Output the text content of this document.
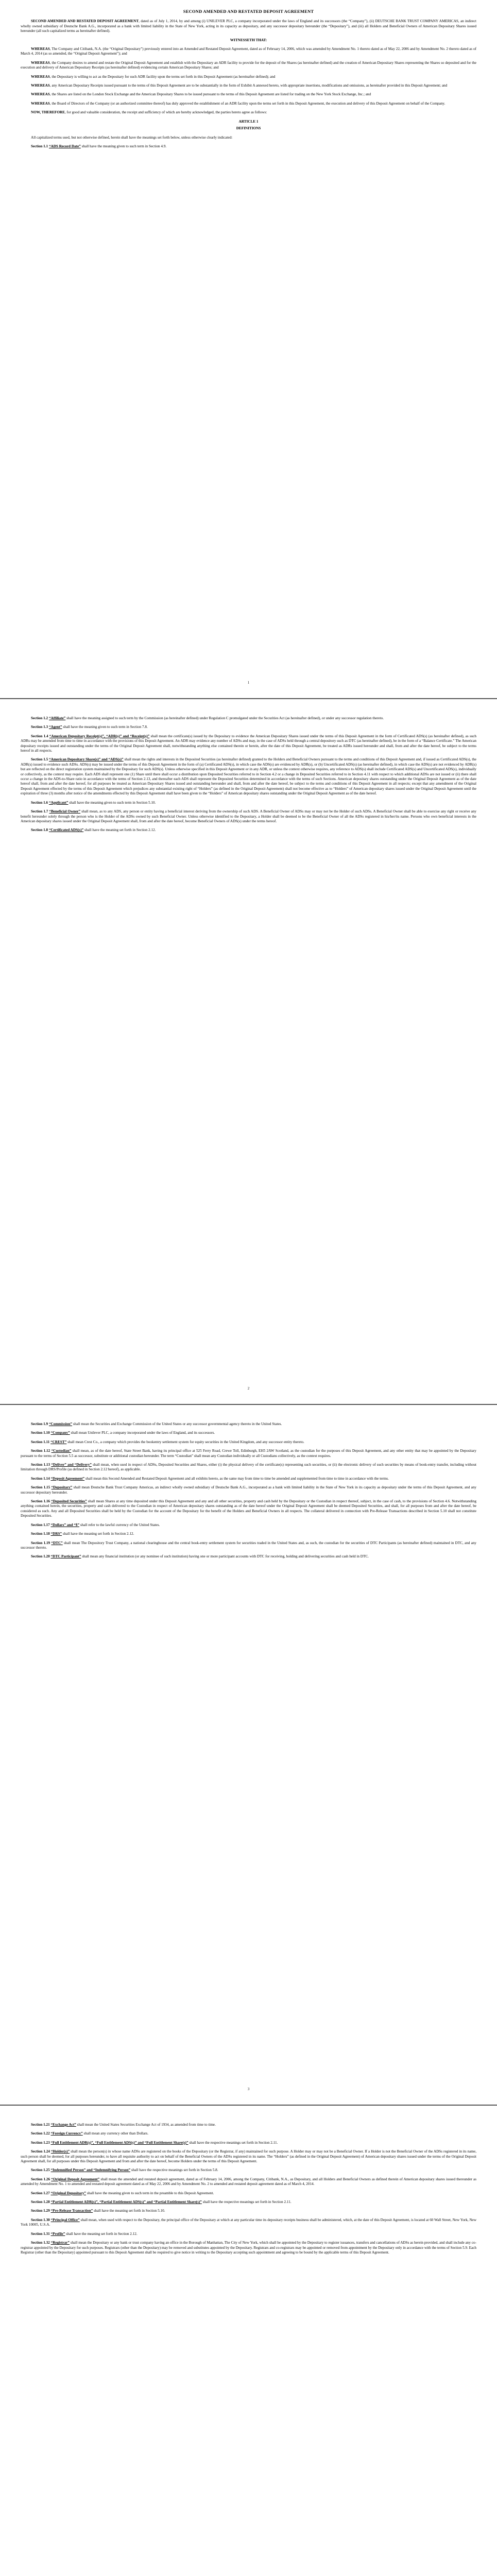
SECOND AMENDED AND RESTATED DEPOSIT AGREEMENT

SECOND AMENDED AND RESTATED DEPOSIT AGREEMENT, dated as of July 1, 2014, by and among (i) UNILEVER PLC, a company incorporated under the laws of England and its successors (the “Company”), (ii) DEUTSCHE BANK TRUST COMPANY AMERICAS, an indirect wholly owned subsidiary of Deutsche Bank A.G., incorporated as a bank with limited liability in the State of New York, acting in its capacity as depositary, and any successor depositary hereunder (the “Depositary”), and (iii) all Holders and Beneficial Owners of American Depositary Shares issued hereunder (all such capitalized terms as hereinafter defined).

WITNESSETH THAT:

WHEREAS, The Company and Citibank, N.A. (the “Original Depositary”) previously entered into an Amended and Restated Deposit Agreement, dated as of February 14, 2006, which was amended by Amendment No. 1 thereto dated as of May 22, 2006 and by Amendment No. 2 thereto dated as of March 4, 2014 (as so amended, the “Original Deposit Agreement”); and

WHEREAS, the Company desires to amend and restate the Original Deposit Agreement and establish with the Depositary an ADR facility to provide for the deposit of the Shares (as hereinafter defined) and the creation of American Depositary Shares representing the Shares so deposited and for the execution and delivery of American Depositary Receipts (as hereinafter defined) evidencing certain American Depositary Shares; and

WHEREAS, the Depositary is willing to act as the Depositary for such ADR facility upon the terms set forth in this Deposit Agreement (as hereinafter defined); and

WHEREAS, any American Depositary Receipts issued pursuant to the terms of this Deposit Agreement are to be substantially in the form of Exhibit A annexed hereto, with appropriate insertions, modifications and omissions, as hereinafter provided in this Deposit Agreement; and

WHEREAS, the Shares are listed on the London Stock Exchange and the American Depositary Shares to be issued pursuant to the terms of this Deposit Agreement are listed for trading on the New York Stock Exchange, Inc.; and

WHEREAS, the Board of Directors of the Company (or an authorized committee thereof) has duly approved the establishment of an ADR facility upon the terms set forth in this Deposit Agreement, the execution and delivery of this Deposit Agreement on behalf of the Company.

NOW, THEREFORE, for good and valuable consideration, the receipt and sufficiency of which are hereby acknowledged, the parties hereto agree as follows:

ARTICLE 1
DEFINITIONS

All capitalized terms used, but not otherwise defined, herein shall have the meanings set forth below, unless otherwise clearly indicated:

Section 1.1 “ADS Record Date” shall have the meaning given to such term in Section 4.9.

1

Section 1.2 “Affiliate” shall have the meaning assigned to such term by the Commission (as hereinafter defined) under Regulation C promulgated under the Securities Act (as hereinafter defined), or under any successor regulation thereto.

Section 1.3 “Agent” shall have the meaning given to such term in Section 7.8.

Section 1.4 “American Depositary Receipt(s)”, “ADR(s)” and “Receipt(s)” shall mean the certificate(s) issued by the Depositary to evidence the American Depositary Shares issued under the terms of this Deposit Agreement in the form of Certificated ADS(s) (as hereinafter defined), as such ADRs may be amended from time to time in accordance with the provisions of this Deposit Agreement. An ADR may evidence any number of ADSs and may, in the case of ADSs held through a central depository such as DTC (as hereinafter defined), be in the form of a “Balance Certificate.” The American depositary receipts issued and outstanding under the terms of the Original Deposit Agreement shall, notwithstanding anything else contained therein or herein, after the date of this Deposit Agreement, be treated as ADRs issued hereunder and shall, from and after the date hereof, be subject to the terms hereof in all respects.

Section 1.5 “American Depositary Share(s)” and “ADS(s)” shall mean the rights and interests in the Deposited Securities (as hereinafter defined) granted to the Holders and Beneficial Owners pursuant to the terms and conditions of this Deposit Agreement and, if issued as Certificated ADS(s), the ADR(s) issued to evidence such ADSs. ADS(s) may be issued under the terms of this Deposit Agreement in the form of (a) Certificated ADS(s), in which case the ADS(s) are evidenced by ADR(s), or (b) Uncertificated ADS(s) (as hereinafter defined), in which case the ADS(s) are not evidenced by ADR(s) but are reflected on the direct registration system maintained by the Depositary for such ADS(s). Unless otherwise specified in this Deposit Agreement or in any ADR, or unless the context otherwise requires, any reference to ADS(s) shall include Certificated ADS(s) and Uncertificated ADS(s), individually or collectively, as the context may require. Each ADS shall represent one (1) Share until there shall occur a distribution upon Deposited Securities referred to in Section 4.2 or a change in Deposited Securities referred to in Section 4.11 with respect to which additional ADSs are not issued or (ii) there shall occur a change in the ADS-to-Share ratio in accordance with the terms of Section 2.13, and thereafter each ADS shall represent the Deposited Securities determined in accordance with the terms of such Sections. American depositary shares outstanding under the Original Deposit Agreement as of the date hereof shall, from and after the date hereof, for all purposes be treated as American Depositary Shares issued and outstanding hereunder and shall, from and after the date hereof, be subject to the terms and conditions of this Deposit Agreement in all respects; except that any amendment of the Original Deposit Agreement effected by the terms of this Deposit Agreement which prejudices any substantial existing right of “Holders” (as defined in the Original Deposit Agreement) shall not become effective as to “Holders” of American depositary shares issued under the Original Deposit Agreement until the expiration of three (3) months after notice of the amendments effected by this Deposit Agreement shall have been given to the “Holders” of American depositary shares outstanding under the Original Deposit Agreement as of the date hereof.

Section 1.6 “Applicant” shall have the meaning given to such term in Section 5.10.

Section 1.7 “Beneficial Owner” shall mean, as to any ADS, any person or entity having a beneficial interest deriving from the ownership of such ADS. A Beneficial Owner of ADSs may or may not be the Holder of such ADSs. A Beneficial Owner shall be able to exercise any right or receive any benefit hereunder solely through the person who is the Holder of the ADSs owned by such Beneficial Owner. Unless otherwise identified to the Depositary, a Holder shall be deemed to be the Beneficial Owner of all the ADSs registered in his/her/its name. Persons who own beneficial interests in the American depositary shares issued under the Original Deposit Agreement shall, from and after the date hereof, become Beneficial Owners of ADS(s) under the terms hereof.

Section 1.8 “Certificated ADS(s)” shall have the meaning set forth in Section 2.12.

2

Section 1.9 “Commission” shall mean the Securities and Exchange Commission of the United States or any successor governmental agency thereto in the United States.

Section 1.10 “Company” shall mean Unilever PLC, a company incorporated under the laws of England, and its successors.

Section 1.11 “CREST” shall mean Crest Co., a company which provides the bookentry settlement system for equity securities in the United Kingdom, and any successor entity thereto.

Section 1.12 “Custodian” shall mean, as of the date hereof, State Street Bank, having its principal office at 525 Ferry Road, Crewe Toll, Edinburgh, EH5 2AW Scotland, as the custodian for the purposes of this Deposit Agreement, and any other entity that may be appointed by the Depositary pursuant to the terms of Section 5.5 as successor, substitute or additional custodian hereunder. The term “Custodian” shall mean any Custodian individually or all Custodians collectively, as the context requires.

Section 1.13 “Deliver” and “Delivery” shall mean, when used in respect of ADSs, Deposited Securities and Shares, either (i) the physical delivery of the certificate(s) representing such securities, or (ii) the electronic delivery of such securities by means of book-entry transfer, including without limitation through DRS/Profile (as defined in Section 2.12 hereof), as applicable.

Section 1.14 “Deposit Agreement” shall mean this Second Amended and Restated Deposit Agreement and all exhibits hereto, as the same may from time to time be amended and supplemented from time to time in accordance with the terms.

Section 1.15 “Depositary” shall mean Deutsche Bank Trust Company Americas, an indirect wholly owned subsidiary of Deutsche Bank A.G., incorporated as a bank with limited liability in the State of New York in its capacity as depositary under the terms of this Deposit Agreement, and any successor depositary hereunder.

Section 1.16 “Deposited Securities” shall mean Shares at any time deposited under this Deposit Agreement and any and all other securities, property and cash held by the Depositary or the Custodian in respect thereof, subject, in the case of cash, to the provisions of Section 4.6. Notwithstanding anything contained herein, the securities, property and cash delivered to the Custodian in respect of American depositary shares outstanding as of the date hereof under the Original Deposit Agreement shall be deemed Deposited Securities, and shall, for all purposes from and after the date hereof, be considered as such. Any and all Deposited Securities shall be held by the Custodian for the account of the Depositary for the benefit of the Holders and Beneficial Owners in all respects. The collateral delivered in connection with Pre-Release Transactions described in Section 5.10 shall not constitute Deposited Securities.

Section 1.17 “Dollars” and “$” shall refer to the lawful currency of the United States.

Section 1.18 “DRS” shall have the meaning set forth in Section 2.12.

Section 1.19 “DTC” shall mean The Depository Trust Company, a national clearinghouse and the central book-entry settlement system for securities traded in the United States and, as such, the custodian for the securities of DTC Participants (as hereinafter defined) maintained in DTC, and any successor thereto.

Section 1.20 “DTC Participant” shall mean any financial institution (or any nominee of such institution) having one or more participant accounts with DTC for receiving, holding and delivering securities and cash held in DTC.

3

Section 1.21 “Exchange Act” shall mean the United States Securities Exchange Act of 1934, as amended from time to time.

Section 1.22 “Foreign Currency” shall mean any currency other than Dollars.

Section 1.23 “Full Entitlement ADR(s)”, “Full Entitlement ADS(s)” and “Full Entitlement Share(s)” shall have the respective meanings set forth in Section 2.11.

Section 1.24 “Holder(s)” shall mean the person(s) in whose name ADSs are registered on the books of the Depositary (or the Registrar, if any) maintained for such purpose. A Holder may or may not be a Beneficial Owner. If a Holder is not the Beneficial Owner of the ADSs registered in its name, such person shall be deemed, for all purposes hereunder, to have all requisite authority to act on behalf of the Beneficial Owners of the ADSs registered in its name. The “Holders” (as defined in the Original Deposit Agreement) of American depositary shares issued under the terms of the Original Deposit Agreement shall, for all purposes under this Deposit Agreement and from and after the date hereof, become Holders under the terms of this Deposit Agreement.

Section 1.25 “Indemnified Person” and “Indemnifying Person” shall have the respective meanings set forth in Section 5.8.

Section 1.26 “Original Deposit Agreement” shall mean the amended and restated deposit agreement, dated as of February 14, 2006, among the Company, Citibank, N.A., as Depositary, and all Holders and Beneficial Owners as defined therein of American depositary shares issued thereunder as amended by Amendment No. 1 to amended and restated deposit agreement dated as of May 22, 2006 and by Amendment No. 2 to amended and restated deposit agreement dated as of March 4, 2014.

Section 1.27 “Original Depositary” shall have the meaning given to such term in the preamble to this Deposit Agreement.

Section 1.28 “Partial Entitlement ADR(s)”, “Partial Entitlement ADS(s)” and “Partial Entitlement Share(s)” shall have the respective meanings set forth in Section 2.11.

Section 1.29 “Pre-Release Transaction” shall have the meaning set forth in Section 5.10.

Section 1.30 “Principal Office” shall mean, when used with respect to the Depositary, the principal office of the Depositary at which at any particular time its depositary receipts business shall be administered, which, at the date of this Deposit Agreement, is located at 60 Wall Street, New York, New York 10005, U.S.A.

Section 1.31 “Profile” shall have the meaning set forth in Section 2.12.

Section 1.32 “Registrar” shall mean the Depositary or any bank or trust company having an office in the Borough of Manhattan, The City of New York, which shall be appointed by the Depositary to register issuances, transfers and cancellations of ADSs as herein provided, and shall include any co-registrar appointed by the Depositary for such purposes. Registrars (other than the Depositary) may be removed and substitutes appointed by the Depositary. Registrars and co-registrars may be appointed or removed from appointment by the Depositary only in accordance with the terms of Section 5.9. Each Registrar (other than the Depositary) appointed pursuant to this Deposit Agreement shall be required to give notice in writing to the Depositary accepting such appointment and agreeing to be bound by the applicable terms of this Deposit Agreement.
